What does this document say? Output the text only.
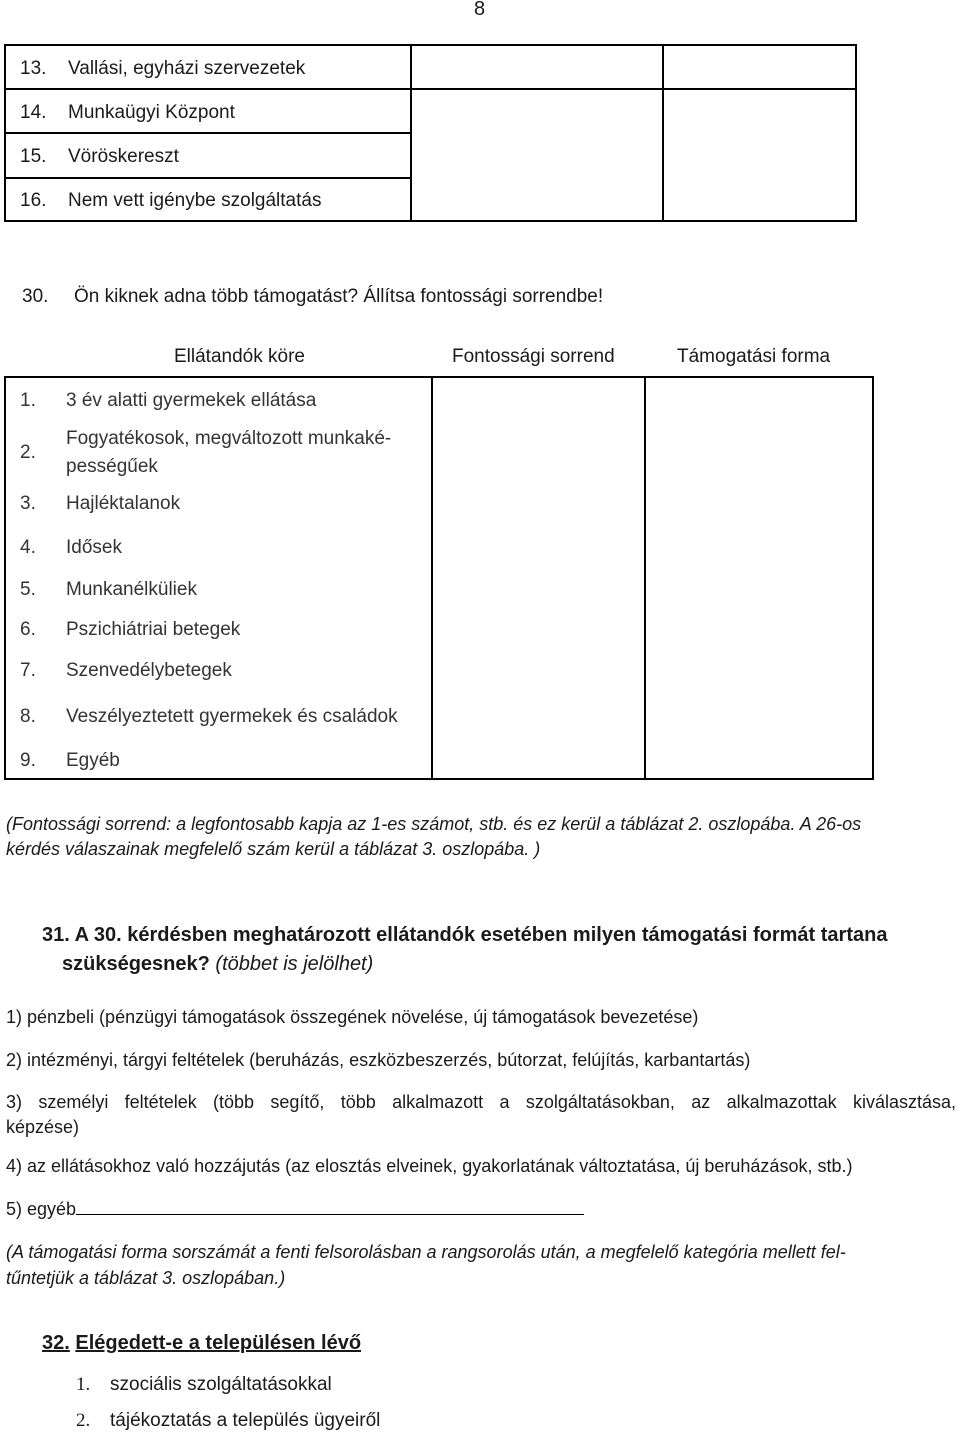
8
13. Vallási, egyházi szervezetek
14. Munkaügyi Központ
15. Vöröskereszt
16. Nem vett igénybe szolgáltatás
30. Ön kiknek adna több támogatást? Állítsa fontossági sorrendbe!
Ellátandók köre	Fontossági sorrend	Támogatási forma
1. 3 év alatti gyermekek ellátása
2.
Fogyatékosok, megváltozott munkaké-
pességűek
3. Hajléktalanok
4. Idősek
5. Munkanélküliek
6. Pszichiátriai betegek
7. Szenvedélybetegek
8. Veszélyeztetett gyermekek és családok
9. Egyéb
(Fontossági sorrend: a legfontosabb kapja az 1-es számot, stb. és ez kerül a táblázat 2. oszlopába. A 26-os
kérdés válaszainak megfelelő szám kerül a táblázat 3. oszlopába. )
31. A 30. kérdésben meghatározott ellátandók esetében milyen támogatási formát tartana
szükségesnek? (többet is jelölhet)
1) pénzbeli (pénzügyi támogatások összegének növelése, új támogatások bevezetése)
2) intézményi, tárgyi feltételek (beruházás, eszközbeszerzés, bútorzat, felújítás, karbantartás)
3) személyi feltételek (több segítő, több alkalmazott a szolgáltatásokban, az alkalmazottak kiválasztása,
képzése)
4) az ellátásokhoz való hozzájutás (az elosztás elveinek, gyakorlatának változtatása, új beruházások, stb.)
5) egyéb
(A támogatási forma sorszámát a fenti felsorolásban a rangsorolás után, a megfelelő kategória mellett fel-
tűntetjük a táblázat 3. oszlopában.)
32. Elégedett-e a településen lévő
1. szociális szolgáltatásokkal
2. tájékoztatás a település ügyeiről
